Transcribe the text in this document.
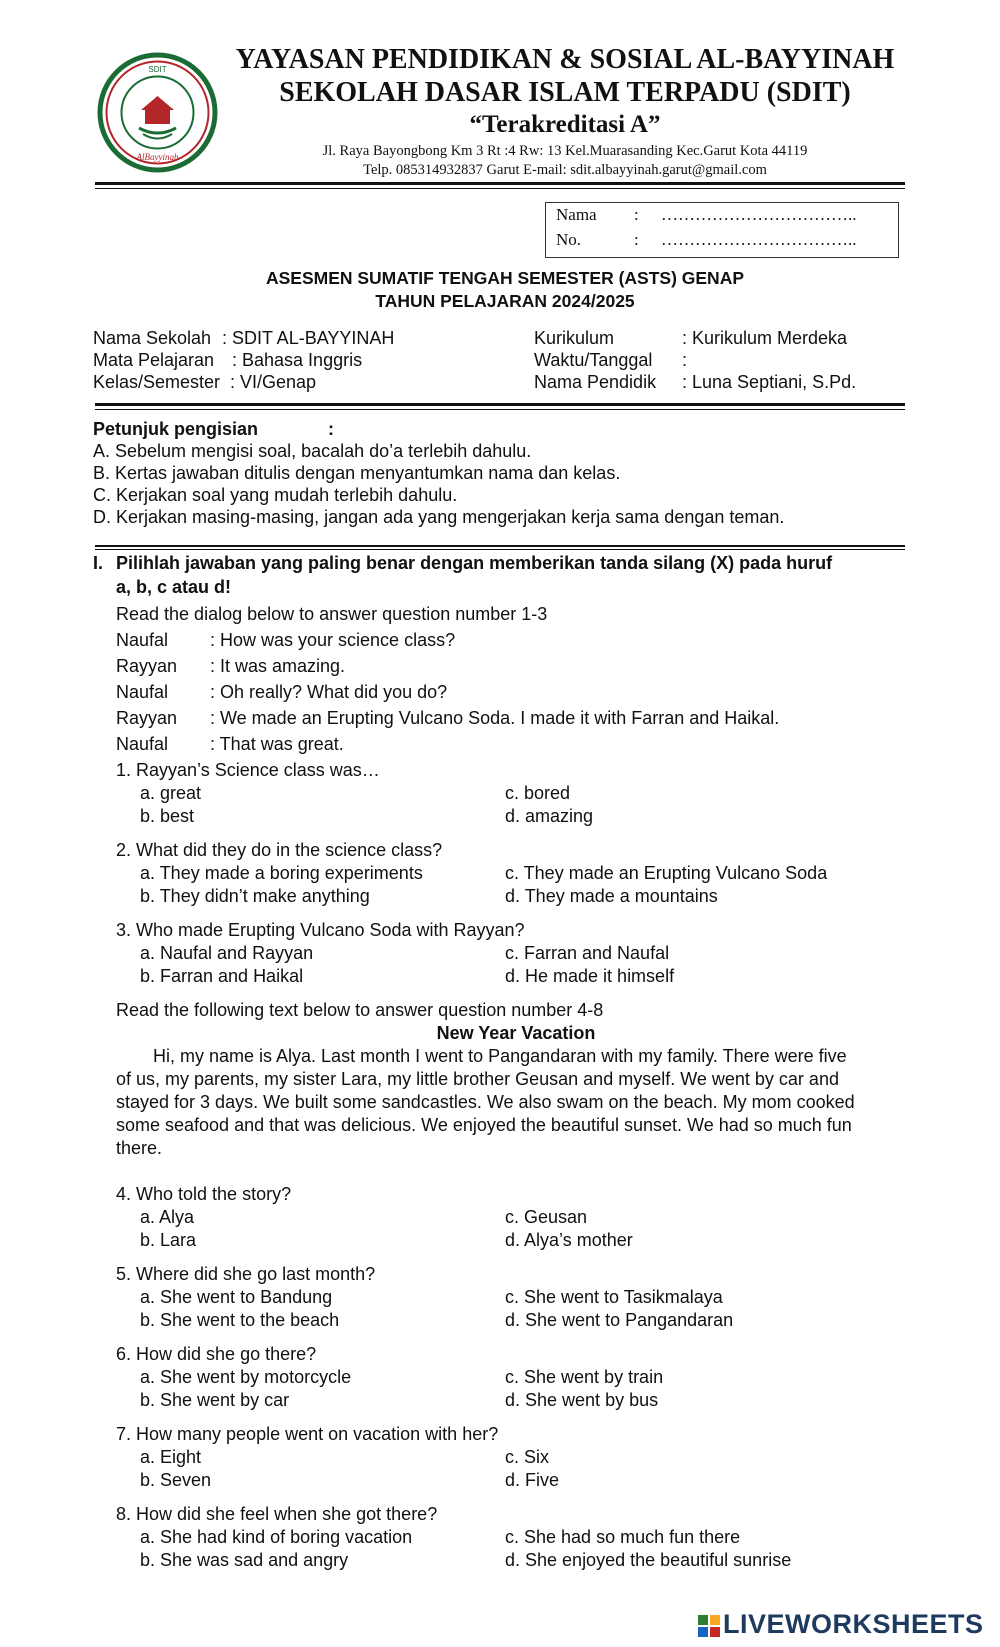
SDIT
AlBayyinah
YAYASAN PENDIDIKAN & SOSIAL AL-BAYYINAH
SEKOLAH DASAR ISLAM TERPADU (SDIT)
“Terakreditasi A”
Jl. Raya Bayongbong Km 3 Rt :4 Rw: 13 Kel.Muarasanding Kec.Garut Kota 44119
Telp. 085314932837 Garut E-mail: sdit.albayyinah.garut@gmail.com
Nama : ……………………………..
No.	: ……………………………..
ASESMEN SUMATIF TENGAH SEMESTER (ASTS) GENAP
TAHUN PELAJARAN 2024/2025
Nama Sekolah : SDIT AL-BAYYINAH
Mata Pelajaran : Bahasa Inggris
Kelas/Semester : VI/Genap
Kurikulum	: Kurikulum Merdeka
Waktu/Tanggal :
Nama Pendidik : Luna Septiani, S.Pd.
Petunjuk pengisian	:
A. Sebelum mengisi soal, bacalah do’a terlebih dahulu.
B. Kertas jawaban ditulis dengan menyantumkan nama dan kelas.
C. Kerjakan soal yang mudah terlebih dahulu.
D. Kerjakan masing-masing, jangan ada yang mengerjakan kerja sama dengan teman.
I. Pilihlah jawaban yang paling benar dengan memberikan tanda silang (X) pada huruf
a, b, c atau d!
Read the dialog below to answer question number 1-3
Naufal : How was your science class?
Rayyan : It was amazing.
Naufal : Oh really? What did you do?
Rayyan : We made an Erupting Vulcano Soda. I made it with Farran and Haikal.
Naufal : That was great.
1. Rayyan’s Science class was…
a. great
b. best
c. bored
d. amazing
2. What did they do in the science class?
a. They made a boring experiments
b. They didn’t make anything
c. They made an Erupting Vulcano Soda
d. They made a mountains
3. Who made Erupting Vulcano Soda with Rayyan?
a. Naufal and Rayyan
b. Farran and Haikal
c. Farran and Naufal
d. He made it himself
Read the following text below to answer question number 4-8
New Year Vacation
Hi, my name is Alya. Last month I went to Pangandaran with my family. There were five
of us, my parents, my sister Lara, my little brother Geusan and myself. We went by car and
stayed for 3 days. We built some sandcastles. We also swam on the beach. My mom cooked
some seafood and that was delicious. We enjoyed the beautiful sunset. We had so much fun
there.
4. Who told the story?
a. Alya
b. Lara
c. Geusan
d. Alya’s mother
5. Where did she go last month?
a. She went to Bandung
b. She went to the beach
c. She went to Tasikmalaya
d. She went to Pangandaran
6. How did she go there?
a. She went by motorcycle
b. She went by car
c. She went by train
d. She went by bus
7. How many people went on vacation with her?
a. Eight
b. Seven
c. Six
d. Five
8. How did she feel when she got there?
a. She had kind of boring vacation
b. She was sad and angry
c. She had so much fun there
d. She enjoyed the beautiful sunrise
LIVEWORKSHEETS
